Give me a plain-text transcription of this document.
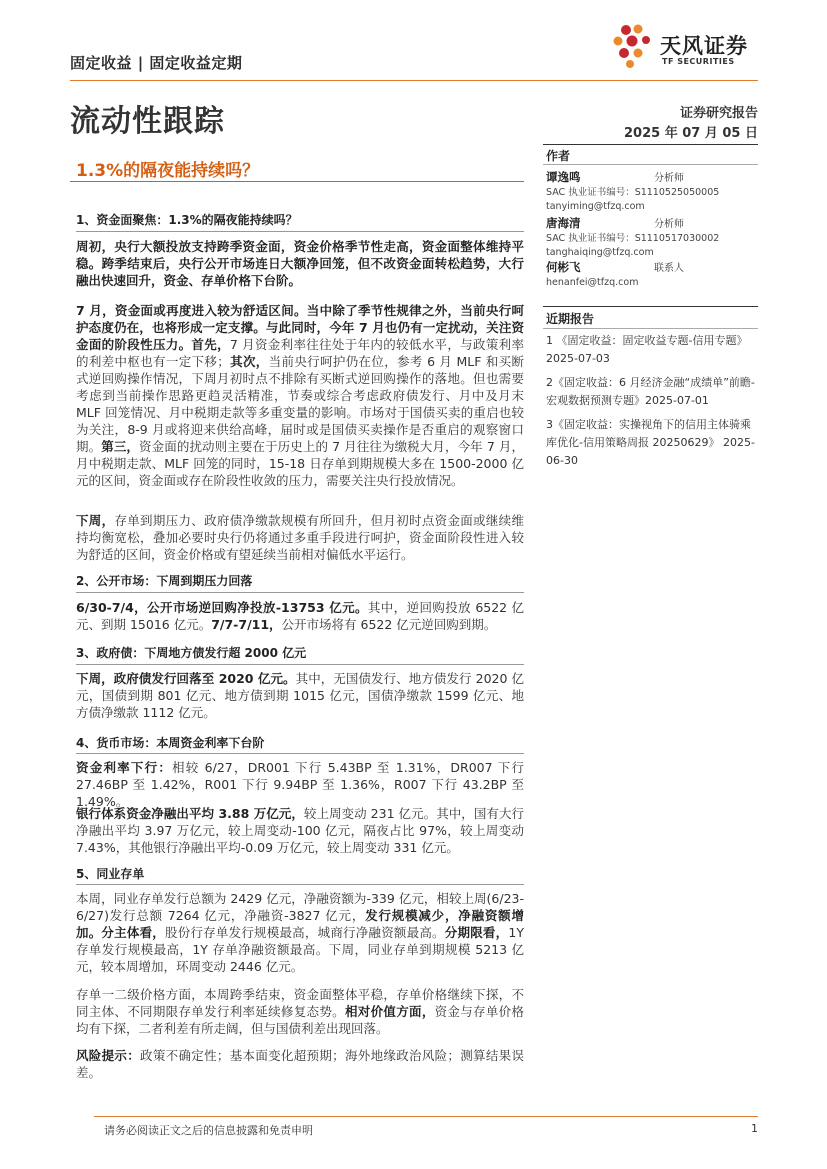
固定收益 | 固定收益定期
天风证券
TF SECURITIES
流动性跟踪	证券研究报告
2025 年 07 月 05 日
1.3%的隔夜能持续吗？
作者
谭逸鸣	分析师
SAC 执业证书编号：S1110525050005
tanyiming@tfzq.com
唐海清	分析师
SAC 执业证书编号：S1110517030002
tanghaiqing@tfzq.com
何彬飞	联系人
henanfei@tfzq.com
近期报告
1 《固定收益：固定收益专题-信用专题》 2025-07-03
2《固定收益：6 月经济金融“成绩单”前瞻-宏观数据预测专题》2025-07-01
3《固定收益：实操视角下的信用主体骑乘库优化-信用策略周报 20250629》 2025-06-30
1、资金面聚焦：1.3%的隔夜能持续吗？
周初，央行大额投放支持跨季资金面，资金价格季节性走高，资金面整体维持平稳。跨季结束后，央行公开市场连日大额净回笼，但不改资金面转松趋势，大行融出快速回升，资金、存单价格下台阶。
7 月，资金面或再度进入较为舒适区间。当中除了季节性规律之外，当前央行呵护态度仍在，也将形成一定支撑。与此同时，今年 7 月也仍有一定扰动，关注资金面的阶段性压力。首先，7 月资金利率往往处于年内的较低水平，与政策利率的利差中枢也有一定下移；其次，当前央行呵护仍在位，参考 6 月 MLF 和买断式逆回购操作情况，下周月初时点不排除有买断式逆回购操作的落地。但也需要考虑到当前操作思路更趋灵活精准，节奏或综合考虑政府债发行、月中及月末 MLF 回笼情况、月中税期走款等多重变量的影响。市场对于国债买卖的重启也较为关注，8-9 月或将迎来供给高峰，届时或是国债买卖操作是否重启的观察窗口期。第三，资金面的扰动则主要在于历史上的 7 月往往为缴税大月，今年 7 月，月中税期走款、MLF 回笼的同时，15-18 日存单到期规模大多在 1500-2000 亿元的区间，资金面或存在阶段性收敛的压力，需要关注央行投放情况。
下周，存单到期压力、政府债净缴款规模有所回升，但月初时点资金面或继续维持均衡宽松，叠加必要时央行仍将通过多重手段进行呵护，资金面阶段性进入较为舒适的区间，资金价格或有望延续当前相对偏低水平运行。
2、公开市场：下周到期压力回落
6/30-7/4，公开市场逆回购净投放-13753 亿元。其中，逆回购投放 6522 亿元、到期 15016 亿元。7/7-7/11，公开市场将有 6522 亿元逆回购到期。
3、政府债：下周地方债发行超 2000 亿元
下周，政府债发行回落至 2020 亿元。其中，无国债发行、地方债发行 2020 亿元，国债到期 801 亿元、地方债到期 1015 亿元，国债净缴款 1599 亿元、地方债净缴款 1112 亿元。
4、货币市场：本周资金利率下台阶
资金利率下行：相较 6/27，DR001 下行 5.43BP 至 1.31%，DR007 下行 27.46BP 至 1.42%，R001 下行 9.94BP 至 1.36%，R007 下行 43.2BP 至 1.49%。
银行体系资金净融出平均 3.88 万亿元，较上周变动 231 亿元。其中，国有大行净融出平均 3.97 万亿元，较上周变动-100 亿元，隔夜占比 97%，较上周变动 7.43%，其他银行净融出平均-0.09 万亿元，较上周变动 331 亿元。
5、同业存单
本周，同业存单发行总额为 2429 亿元，净融资额为-339 亿元，相较上周(6/23-6/27)发行总额 7264 亿元，净融资-3827 亿元，发行规模减少，净融资额增加。分主体看，股份行存单发行规模最高，城商行净融资额最高。分期限看，1Y 存单发行规模最高，1Y 存单净融资额最高。下周，同业存单到期规模 5213 亿元，较本周增加，环周变动 2446 亿元。
存单一二级价格方面，本周跨季结束，资金面整体平稳，存单价格继续下探，不同主体、不同期限存单发行利率延续修复态势。相对价值方面，资金与存单价格均有下探，二者利差有所走阔，但与国债利差出现回落。
风险提示：政策不确定性；基本面变化超预期；海外地缘政治风险；测算结果误差。
请务必阅读正文之后的信息披露和免责申明	1
